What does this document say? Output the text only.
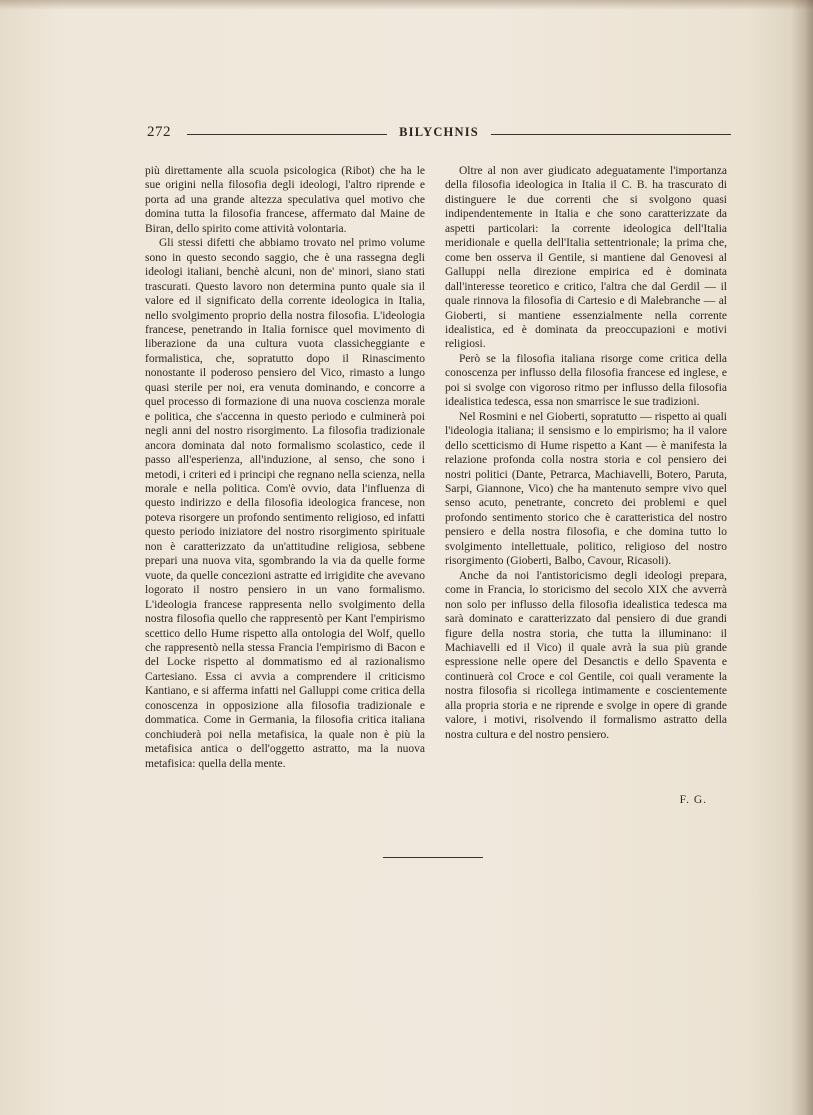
272	BILYCHNIS

più direttamente alla scuola psicologica (Ribot) che ha le sue origini nella filosofia degli ideologi, l'altro riprende e porta ad una grande altezza speculativa quel motivo che domina tutta la filosofia francese, affermato dal Maine de Biran, dello spirito come attività volontaria.

Gli stessi difetti che abbiamo trovato nel primo volume sono in questo secondo saggio, che è una rassegna degli ideologi italiani, benchè alcuni, non de' minori, siano stati trascurati. Questo lavoro non determina punto quale sia il valore ed il significato della corrente ideologica in Italia, nello svolgimento proprio della nostra filosofia. L'ideologia francese, penetrando in Italia fornisce quel movimento di liberazione da una cultura vuota classicheggiante e formalistica, che, sopratutto dopo il Rinascimento nonostante il poderoso pensiero del Vico, rimasto a lungo quasi sterile per noi, era venuta dominando, e concorre a quel processo di formazione di una nuova coscienza morale e politica, che s'accenna in questo periodo e culminerà poi negli anni del nostro risorgimento. La filosofia tradizionale ancora dominata dal noto formalismo scolastico, cede il passo all'esperienza, all'induzione, al senso, che sono i metodi, i criteri ed i principi che regnano nella scienza, nella morale e nella politica. Com'è ovvio, data l'influenza di questo indirizzo e della filosofia ideologica francese, non poteva risorgere un profondo sentimento religioso, ed infatti questo periodo iniziatore del nostro risorgimento spirituale non è caratterizzato da un'attitudine religiosa, sebbene prepari una nuova vita, sgombrando la via da quelle forme vuote, da quelle concezioni astratte ed irrigidite che avevano logorato il nostro pensiero in un vano formalismo. L'ideologia francese rappresenta nello svolgimento della nostra filosofia quello che rappresentò per Kant l'empirismo scettico dello Hume rispetto alla ontologia del Wolf, quello che rappresentò nella stessa Francia l'empirismo di Bacon e del Locke rispetto al dommatismo ed al razionalismo Cartesiano. Essa ci avvia a comprendere il criticismo Kantiano, e si afferma infatti nel Galluppi come critica della conoscenza in opposizione alla filosofia tradizionale e dommatica. Come in Germania, la filosofia critica italiana conchiuderà poi nella metafisica, la quale non è più la metafisica antica o dell'oggetto astratto, ma la nuova metafisica: quella della mente.

Oltre al non aver giudicato adeguatamente l'importanza della filosofia ideologica in Italia il C. B. ha trascurato di distinguere le due correnti che si svolgono quasi indipendentemente in Italia e che sono caratterizzate da aspetti particolari: la corrente ideologica dell'Italia meridionale e quella dell'Italia settentrionale; la prima che, come ben osserva il Gentile, si mantiene dal Genovesi al Galluppi nella direzione empirica ed è dominata dall'interesse teoretico e critico, l'altra che dal Gerdil — il quale rinnova la filosofia di Cartesio e di Malebranche — al Gioberti, si mantiene essenzialmente nella corrente idealistica, ed è dominata da preoccupazioni e motivi religiosi.

Però se la filosofia italiana risorge come critica della conoscenza per influsso della filosofia francese ed inglese, e poi si svolge con vigoroso ritmo per influsso della filosofia idealistica tedesca, essa non smarrisce le sue tradizioni.

Nel Rosmini e nel Gioberti, sopratutto — rispetto ai quali l'ideologia italiana; il sensismo e lo empirismo; ha il valore dello scetticismo di Hume rispetto a Kant — è manifesta la relazione profonda colla nostra storia e col pensiero dei nostri politici (Dante, Petrarca, Machiavelli, Botero, Paruta, Sarpi, Giannone, Vico) che ha mantenuto sempre vivo quel senso acuto, penetrante, concreto dei problemi e quel profondo sentimento storico che è caratteristica del nostro pensiero e della nostra filosofia, e che domina tutto lo svolgimento intellettuale, politico, religioso del nostro risorgimento (Gioberti, Balbo, Cavour, Ricasoli).

Anche da noi l'antistoricismo degli ideologi prepara, come in Francia, lo storicismo del secolo XIX che avverrà non solo per influsso della filosofia idealistica tedesca ma sarà dominato e caratterizzato dal pensiero di due grandi figure della nostra storia, che tutta la illuminano: il Machiavelli ed il Vico) il quale avrà la sua più grande espressione nelle opere del Desanctis e dello Spaventa e continuerà col Croce e col Gentile, coi quali veramente la nostra filosofia si ricollega intimamente e coscientemente alla propria storia e ne riprende e svolge in opere di grande valore, i motivi, risolvendo il formalismo astratto della nostra cultura e del nostro pensiero.

F. G.
